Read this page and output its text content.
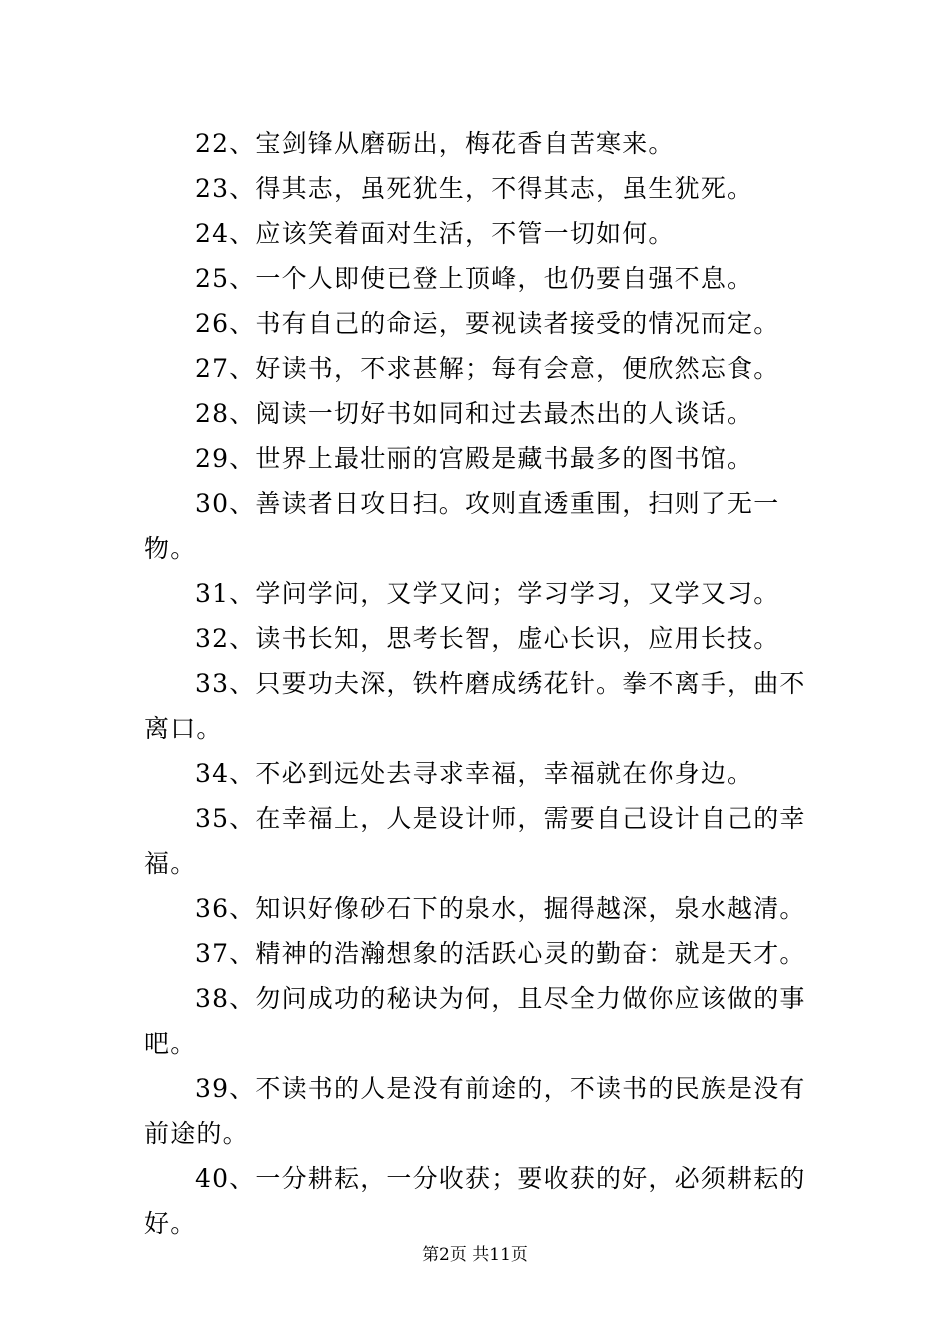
22、宝剑锋从磨砺出，梅花香自苦寒来。

23、得其志，虽死犹生，不得其志，虽生犹死。

24、应该笑着面对生活，不管一切如何。

25、一个人即使已登上顶峰，也仍要自强不息。

26、书有自己的命运，要视读者接受的情况而定。

27、好读书，不求甚解；每有会意，便欣然忘食。

28、阅读一切好书如同和过去最杰出的人谈话。

29、世界上最壮丽的宫殿是藏书最多的图书馆。

30、善读者日攻日扫。攻则直透重围，扫则了无一物。

31、学问学问，又学又问；学习学习，又学又习。

32、读书长知，思考长智，虚心长识，应用长技。

33、只要功夫深，铁杵磨成绣花针。拳不离手，曲不离口。

34、不必到远处去寻求幸福，幸福就在你身边。

35、在幸福上，人是设计师，需要自己设计自己的幸福。

36、知识好像砂石下的泉水，掘得越深，泉水越清。

37、精神的浩瀚想象的活跃心灵的勤奋：就是天才。

38、勿问成功的秘诀为何，且尽全力做你应该做的事吧。

39、不读书的人是没有前途的，不读书的民族是没有前途的。

40、一分耕耘，一分收获；要收获的好，必须耕耘的好。

第2页 共11页
